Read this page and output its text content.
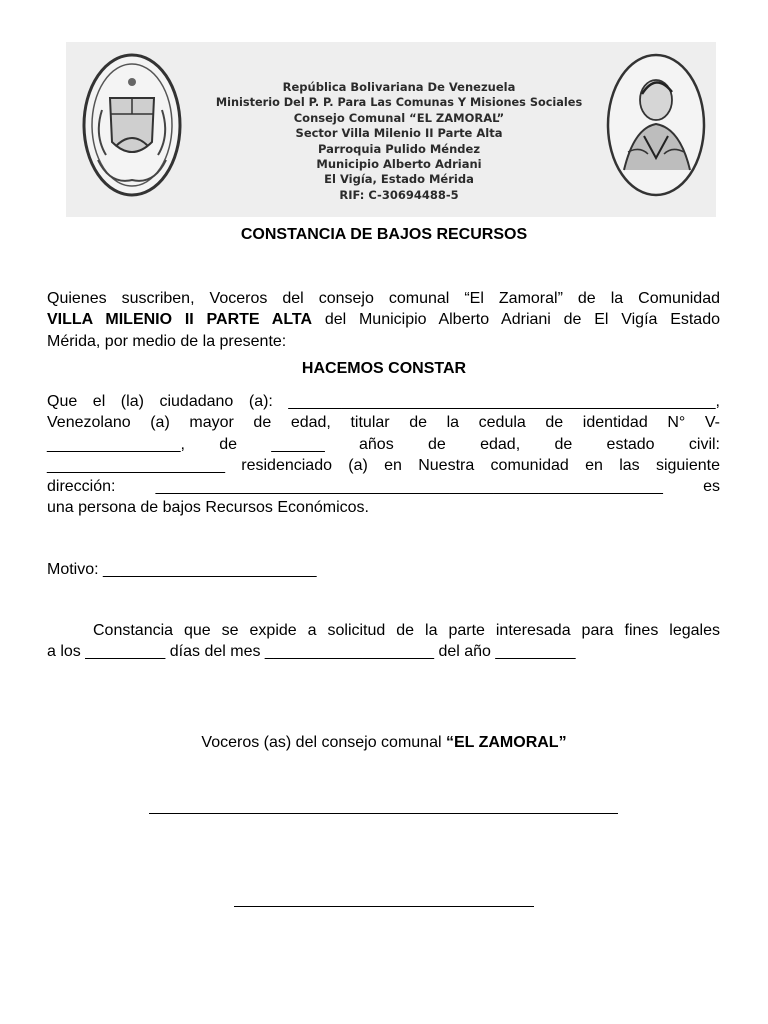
República Bolivariana De Venezuela
Ministerio Del P. P. Para Las Comunas Y Misiones Sociales
Consejo Comunal “EL ZAMORAL”
Sector Villa Milenio II Parte Alta
Parroquia Pulido Méndez
Municipio Alberto Adriani
El Vigía, Estado Mérida
RIF: C-30694488-5
CONSTANCIA DE BAJOS RECURSOS
Quienes suscriben, Voceros del consejo comunal “El Zamoral” de la Comunidad
VILLA MILENIO II PARTE ALTA del Municipio Alberto Adriani de El Vigía Estado
Mérida, por medio de la presente:
HACEMOS CONSTAR
Que el (la) ciudadano (a): ________________________________________________,
Venezolano (a) mayor de edad, titular de la cedula de identidad N° V-
_______________, de ______ años de edad, de estado civil:
____________________ residenciado (a) en Nuestra comunidad en las siguiente
dirección: _________________________________________________________ es
una persona de bajos Recursos Económicos.
Motivo: ________________________
Constancia que se expide a solicitud de la parte interesada para fines legales
a los _________ días del mes ___________________ del año _________
Voceros (as) del consejo comunal “EL ZAMORAL”
